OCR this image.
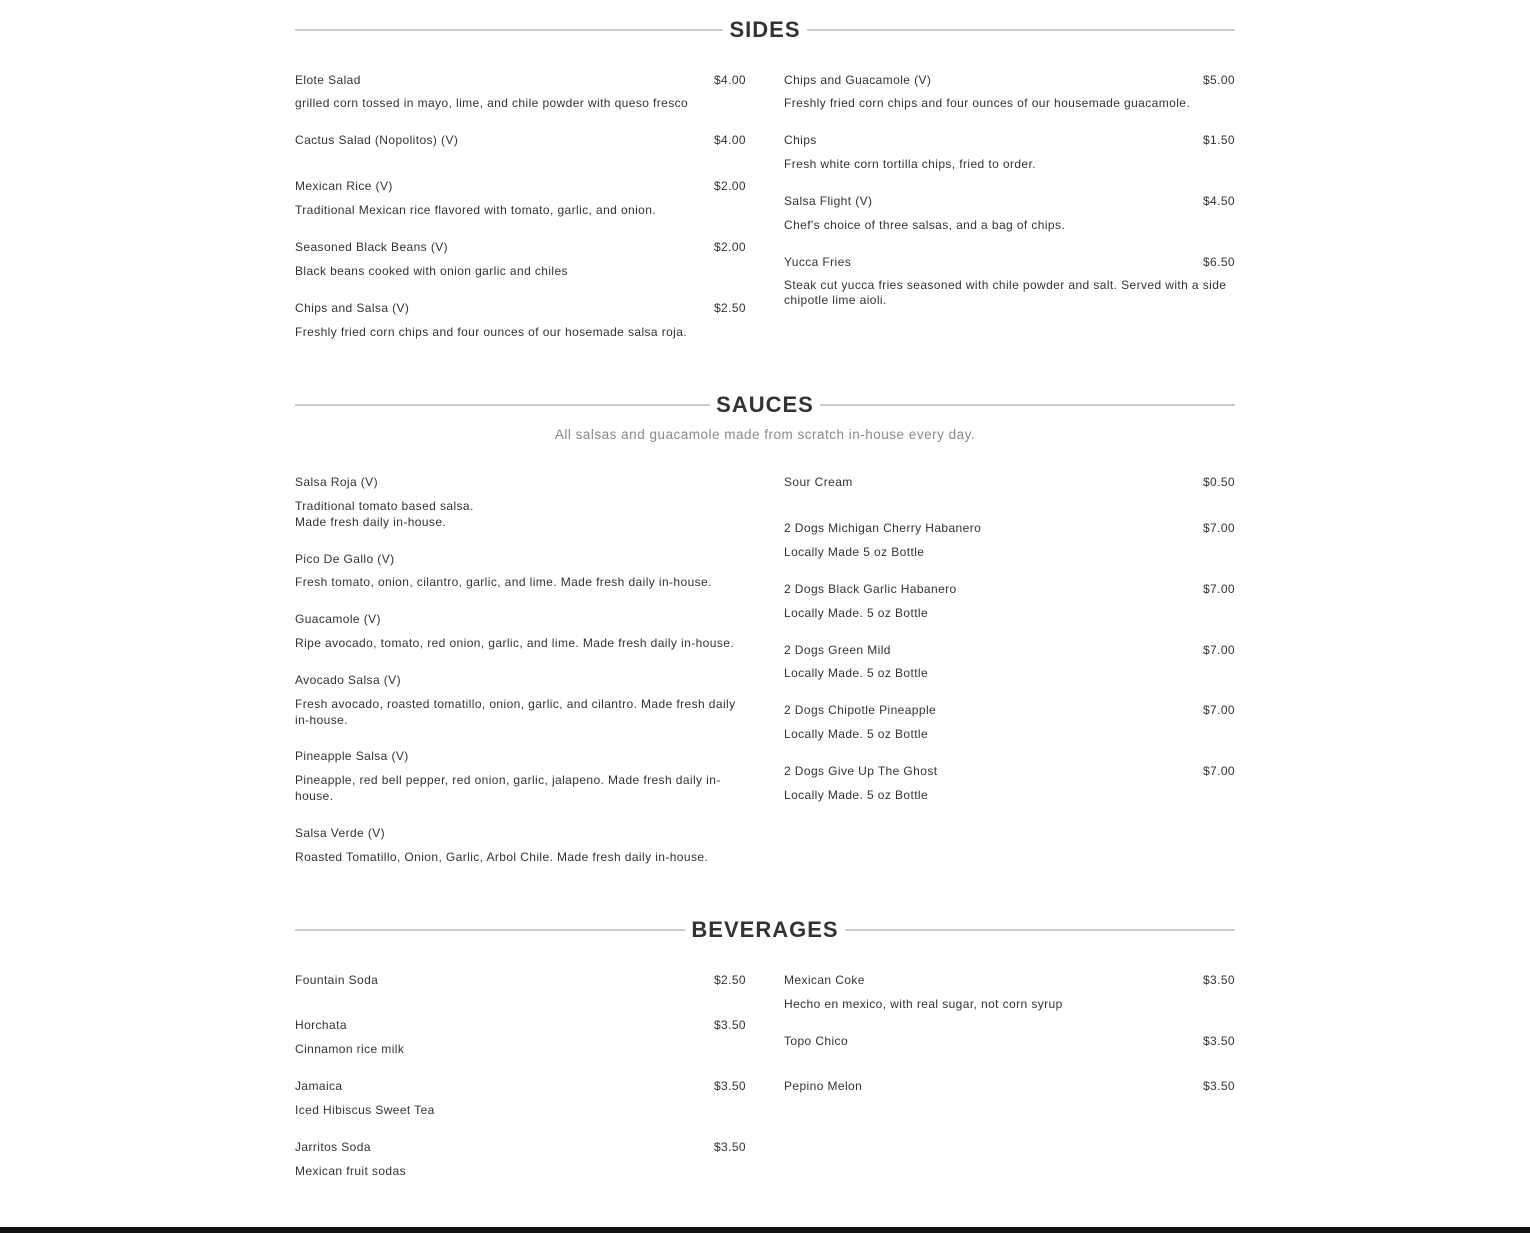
SIDES
Elote Salad	$4.00
grilled corn tossed in mayo, lime, and chile powder with queso fresco
Cactus Salad (Nopolitos) (V)	$4.00
Mexican Rice (V)	$2.00
Traditional Mexican rice flavored with tomato, garlic, and onion.
Seasoned Black Beans (V)	$2.00
Black beans cooked with onion garlic and chiles
Chips and Salsa (V)	$2.50
Freshly fried corn chips and four ounces of our hosemade salsa roja.
Chips and Guacamole (V)	$5.00
Freshly fried corn chips and four ounces of our housemade guacamole.
Chips	$1.50
Fresh white corn tortilla chips, fried to order.
Salsa Flight (V)	$4.50
Chef's choice of three salsas, and a bag of chips.
Yucca Fries	$6.50
Steak cut yucca fries seasoned with chile powder and salt. Served with a side chipotle lime aioli.
SAUCES
All salsas and guacamole made from scratch in-house every day.
Salsa Roja (V)
Traditional tomato based salsa.
Made fresh daily in-house.
Pico De Gallo (V)
Fresh tomato, onion, cilantro, garlic, and lime. Made fresh daily in-house.
Guacamole (V)
Ripe avocado, tomato, red onion, garlic, and lime. Made fresh daily in-house.
Avocado Salsa (V)
Fresh avocado, roasted tomatillo, onion, garlic, and cilantro. Made fresh daily in-house.
Pineapple Salsa (V)
Pineapple, red bell pepper, red onion, garlic, jalapeno. Made fresh daily in-house.
Salsa Verde (V)
Roasted Tomatillo, Onion, Garlic, Arbol Chile. Made fresh daily in-house.
Sour Cream	$0.50
2 Dogs Michigan Cherry Habanero	$7.00
Locally Made 5 oz Bottle
2 Dogs Black Garlic Habanero	$7.00
Locally Made. 5 oz Bottle
2 Dogs Green Mild	$7.00
Locally Made. 5 oz Bottle
2 Dogs Chipotle Pineapple	$7.00
Locally Made. 5 oz Bottle
2 Dogs Give Up The Ghost	$7.00
Locally Made. 5 oz Bottle
BEVERAGES
Fountain Soda	$2.50
Horchata	$3.50
Cinnamon rice milk
Jamaica	$3.50
Iced Hibiscus Sweet Tea
Jarritos Soda	$3.50
Mexican fruit sodas
Mexican Coke	$3.50
Hecho en mexico, with real sugar, not corn syrup
Topo Chico	$3.50
Pepino Melon	$3.50
